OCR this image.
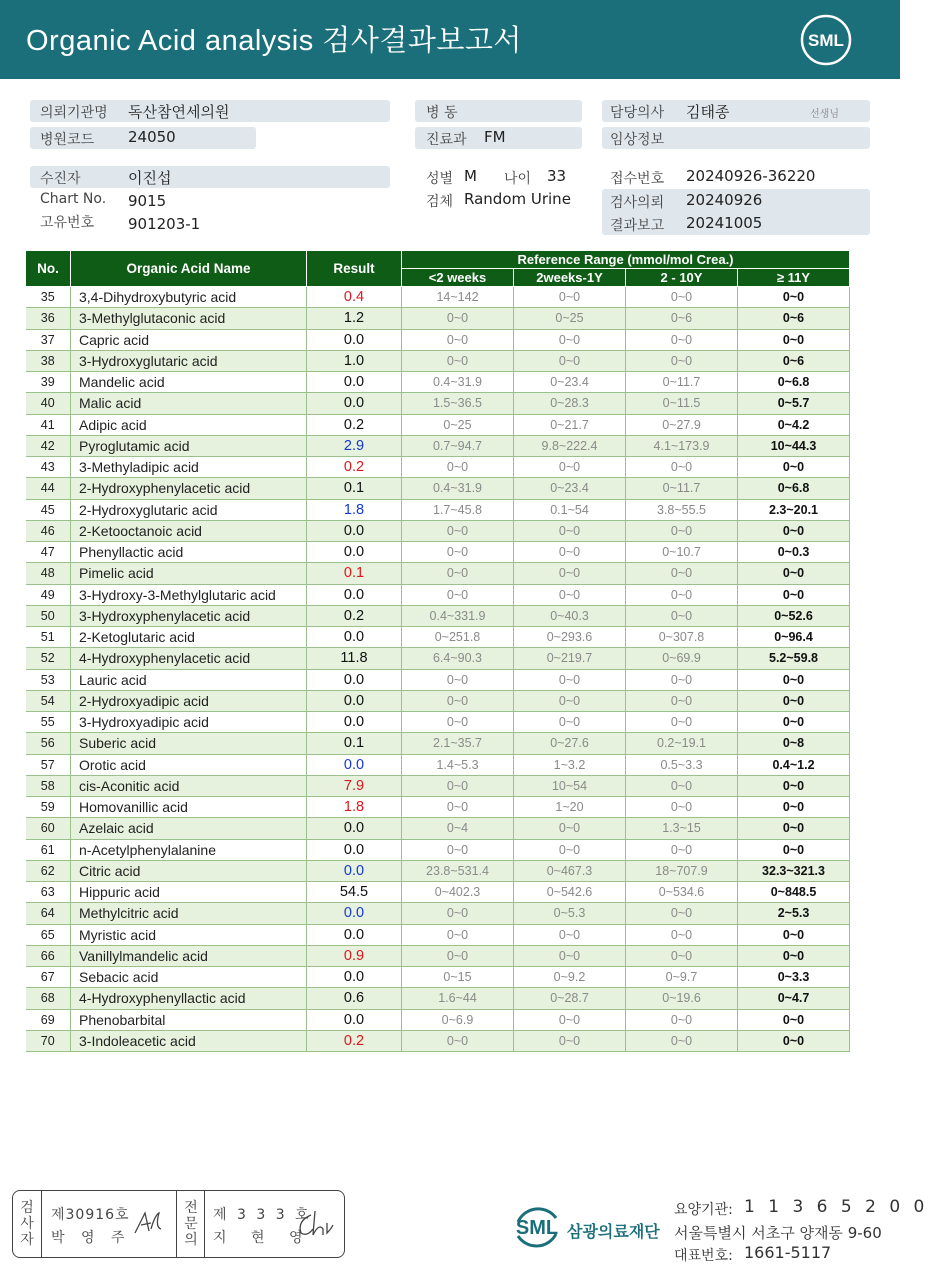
Organic Acid analysis 검사결과보고서	SML
의뢰기관명 독산참연세의원	병 동	담당의사 김태종	선생님
병원코드 24050	진료과 FM	임상정보
수진자	이진섭	성별 M 나이 33	접수번호 20240926-36220
Chart No. 9015	검체 Random Urine	검사의뢰 20240926
고유번호 901203-1	결과보고 20241005
No.	Organic Acid Name	Result	Reference Range (mmol/mol Crea.)			
			<2 weeks	2weeks-1Y	2 - 10Y	≥ 11Y
35	3,4-Dihydroxybutyric acid	0.4	14~142	0~0	0~0	0~0
36	3-Methylglutaconic acid	1.2	0~0	0~25	0~6	0~6
37	Capric acid	0.0	0~0	0~0	0~0	0~0
38	3-Hydroxyglutaric acid	1.0	0~0	0~0	0~0	0~6
39	Mandelic acid	0.0	0.4~31.9	0~23.4	0~11.7	0~6.8
40	Malic acid	0.0	1.5~36.5	0~28.3	0~11.5	0~5.7
41	Adipic acid	0.2	0~25	0~21.7	0~27.9	0~4.2
42	Pyroglutamic acid	2.9	0.7~94.7	9.8~222.4	4.1~173.9	10~44.3
43	3-Methyladipic acid	0.2	0~0	0~0	0~0	0~0
44	2-Hydroxyphenylacetic acid	0.1	0.4~31.9	0~23.4	0~11.7	0~6.8
45	2-Hydroxyglutaric acid	1.8	1.7~45.8	0.1~54	3.8~55.5	2.3~20.1
46	2-Ketooctanoic acid	0.0	0~0	0~0	0~0	0~0
47	Phenyllactic acid	0.0	0~0	0~0	0~10.7	0~0.3
48	Pimelic acid	0.1	0~0	0~0	0~0	0~0
49	3-Hydroxy-3-Methylglutaric acid	0.0	0~0	0~0	0~0	0~0
50	3-Hydroxyphenylacetic acid	0.2	0.4~331.9	0~40.3	0~0	0~52.6
51	2-Ketoglutaric acid	0.0	0~251.8	0~293.6	0~307.8	0~96.4
52	4-Hydroxyphenylacetic acid	11.8	6.4~90.3	0~219.7	0~69.9	5.2~59.8
53	Lauric acid	0.0	0~0	0~0	0~0	0~0
54	2-Hydroxyadipic acid	0.0	0~0	0~0	0~0	0~0
55	3-Hydroxyadipic acid	0.0	0~0	0~0	0~0	0~0
56	Suberic acid	0.1	2.1~35.7	0~27.6	0.2~19.1	0~8
57	Orotic acid	0.0	1.4~5.3	1~3.2	0.5~3.3	0.4~1.2
58	cis-Aconitic acid	7.9	0~0	10~54	0~0	0~0
59	Homovanillic acid	1.8	0~0	1~20	0~0	0~0
60	Azelaic acid	0.0	0~4	0~0	1.3~15	0~0
61	n-Acetylphenylalanine	0.0	0~0	0~0	0~0	0~0
62	Citric acid	0.0	23.8~531.4	0~467.3	18~707.9	32.3~321.3
63	Hippuric acid	54.5	0~402.3	0~542.6	0~534.6	0~848.5
64	Methylcitric acid	0.0	0~0	0~5.3	0~0	2~5.3
65	Myristic acid	0.0	0~0	0~0	0~0	0~0
66	Vanillylmandelic acid	0.9	0~0	0~0	0~0	0~0
67	Sebacic acid	0.0	0~15	0~9.2	0~9.7	0~3.3
68	4-Hydroxyphenyllactic acid	0.6	1.6~44	0~28.7	0~19.6	0~4.7
69	Phenobarbital	0.0	0~6.9	0~0	0~0	0~0
70	3-Indoleacetic acid	0.2	0~0	0~0	0~0	0~0
검
사
자
제30916호
박 영 주
전
문
의
제 3 3 3 호
지 현 영	SML 삼광의료재단
요양기관: 1 1 3 6 5 2 0 0
서울특별시 서초구 양재동 9-60
대표번호: 1661-5117
